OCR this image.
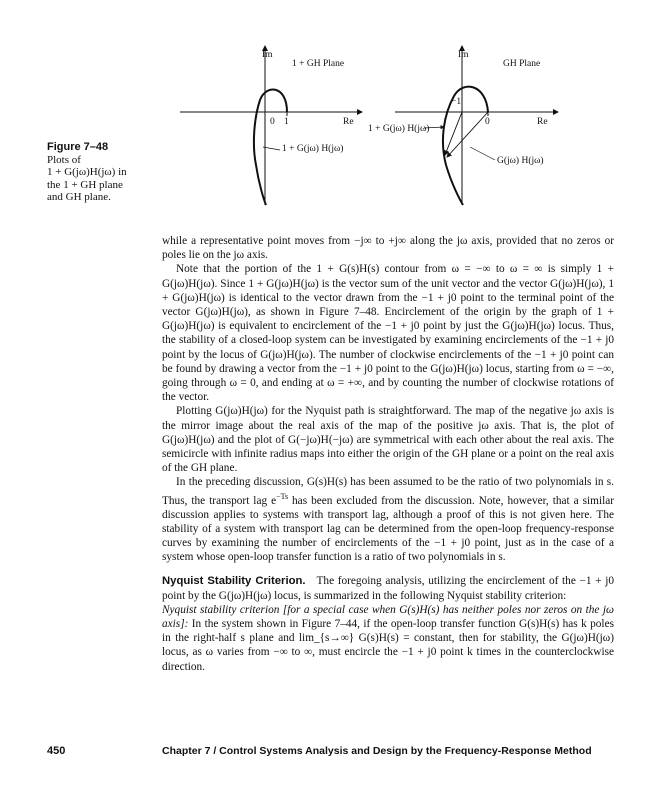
Figure 7–48
Plots of
1 + G(jω)H(jω) in
the 1 + GH plane
and GH plane.
Im
1 + GH Plane
Re
0 1
1 + G(jω) H(jω)
Im
GH Plane
Re
−1
0
1 + G(jω) H(jω)
G(jω) H(jω)

while a representative point moves from −j∞ to +j∞ along the jω axis, provided that no zeros or poles lie on the jω axis.

Note that the portion of the 1 + G(s)H(s) contour from ω = −∞ to ω = ∞ is simply 1 + G(jω)H(jω). Since 1 + G(jω)H(jω) is the vector sum of the unit vector and the vector G(jω)H(jω), 1 + G(jω)H(jω) is identical to the vector drawn from the −1 + j0 point to the terminal point of the vector G(jω)H(jω), as shown in Figure 7–48. Encirclement of the origin by the graph of 1 + G(jω)H(jω) is equivalent to encirclement of the −1 + j0 point by just the G(jω)H(jω) locus. Thus, the stability of a closed-loop system can be investigated by examining encirclements of the −1 + j0 point by the locus of G(jω)H(jω). The number of clockwise encirclements of the −1 + j0 point can be found by drawing a vector from the −1 + j0 point to the G(jω)H(jω) locus, starting from ω = −∞, going through ω = 0, and ending at ω = +∞, and by counting the number of clockwise rotations of the vector.

Plotting G(jω)H(jω) for the Nyquist path is straightforward. The map of the negative jω axis is the mirror image about the real axis of the map of the positive jω axis. That is, the plot of G(jω)H(jω) and the plot of G(−jω)H(−jω) are symmetrical with each other about the real axis. The semicircle with infinite radius maps into either the origin of the GH plane or a point on the real axis of the GH plane.

In the preceding discussion, G(s)H(s) has been assumed to be the ratio of two polynomials in s. Thus, the transport lag $e^{-Ts}$ has been excluded from the discussion. Note, however, that a similar discussion applies to systems with transport lag, although a proof of this is not given here. The stability of a system with transport lag can be determined from the open-loop frequency-response curves by examining the number of encirclements of the −1 + j0 point, just as in the case of a system whose open-loop transfer function is a ratio of two polynomials in s.

Nyquist Stability Criterion. The foregoing analysis, utilizing the encirclement of the −1 + j0 point by the G(jω)H(jω) locus, is summarized in the following Nyquist stability criterion:

Nyquist stability criterion [for a special case when G(s)H(s) has neither poles nor zeros on the jω axis]: In the system shown in Figure 7–44, if the open-loop transfer function G(s)H(s) has k poles in the right-half s plane and lim_{s→∞} G(s)H(s) = constant, then for stability, the G(jω)H(jω) locus, as ω varies from −∞ to ∞, must encircle the −1 + j0 point k times in the counterclockwise direction.

450	Chapter 7 / Control Systems Analysis and Design by the Frequency-Response Method
